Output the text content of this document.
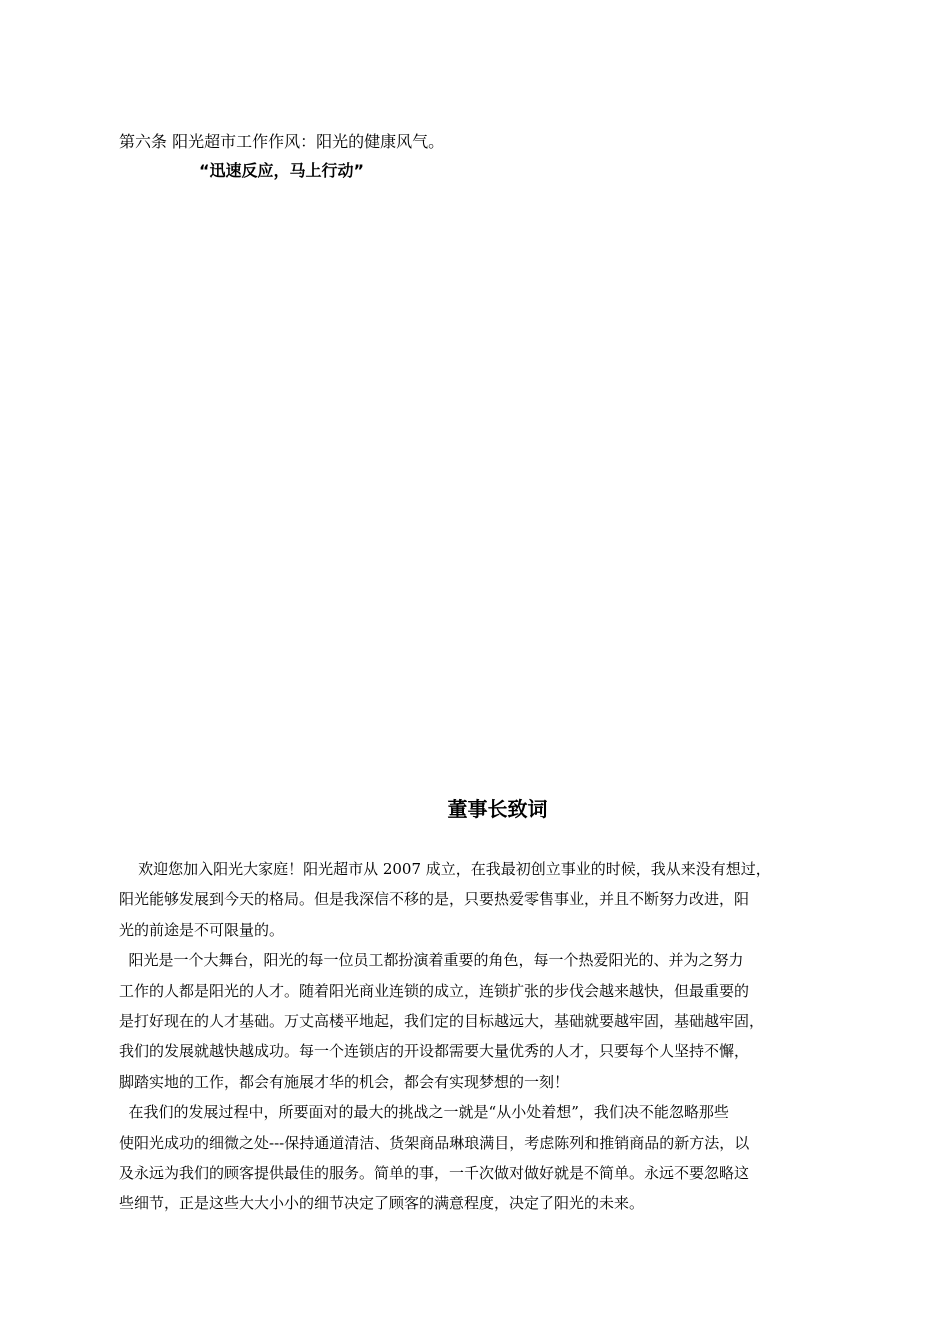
第六条 阳光超市工作作风：阳光的健康风气。
“迅速反应，马上行动”
董事长致词
欢迎您加入阳光大家庭！阳光超市从 2007 成立，在我最初创立事业的时候，我从来没有想过，
阳光能够发展到今天的格局。但是我深信不移的是，只要热爱零售事业，并且不断努力改进，阳
光的前途是不可限量的。
阳光是一个大舞台，阳光的每一位员工都扮演着重要的角色，每一个热爱阳光的、并为之努力
工作的人都是阳光的人才。随着阳光商业连锁的成立，连锁扩张的步伐会越来越快，但最重要的
是打好现在的人才基础。万丈高楼平地起，我们定的目标越远大，基础就要越牢固，基础越牢固，
我们的发展就越快越成功。每一个连锁店的开设都需要大量优秀的人才，只要每个人坚持不懈，
脚踏实地的工作，都会有施展才华的机会，都会有实现梦想的一刻！
在我们的发展过程中，所要面对的最大的挑战之一就是“从小处着想”，我们决不能忽略那些
使阳光成功的细微之处---保持通道清洁、货架商品琳琅满目，考虑陈列和推销商品的新方法，以
及永远为我们的顾客提供最佳的服务。简单的事，一千次做对做好就是不简单。永远不要忽略这
些细节，正是这些大大小小的细节决定了顾客的满意程度，决定了阳光的未来。
